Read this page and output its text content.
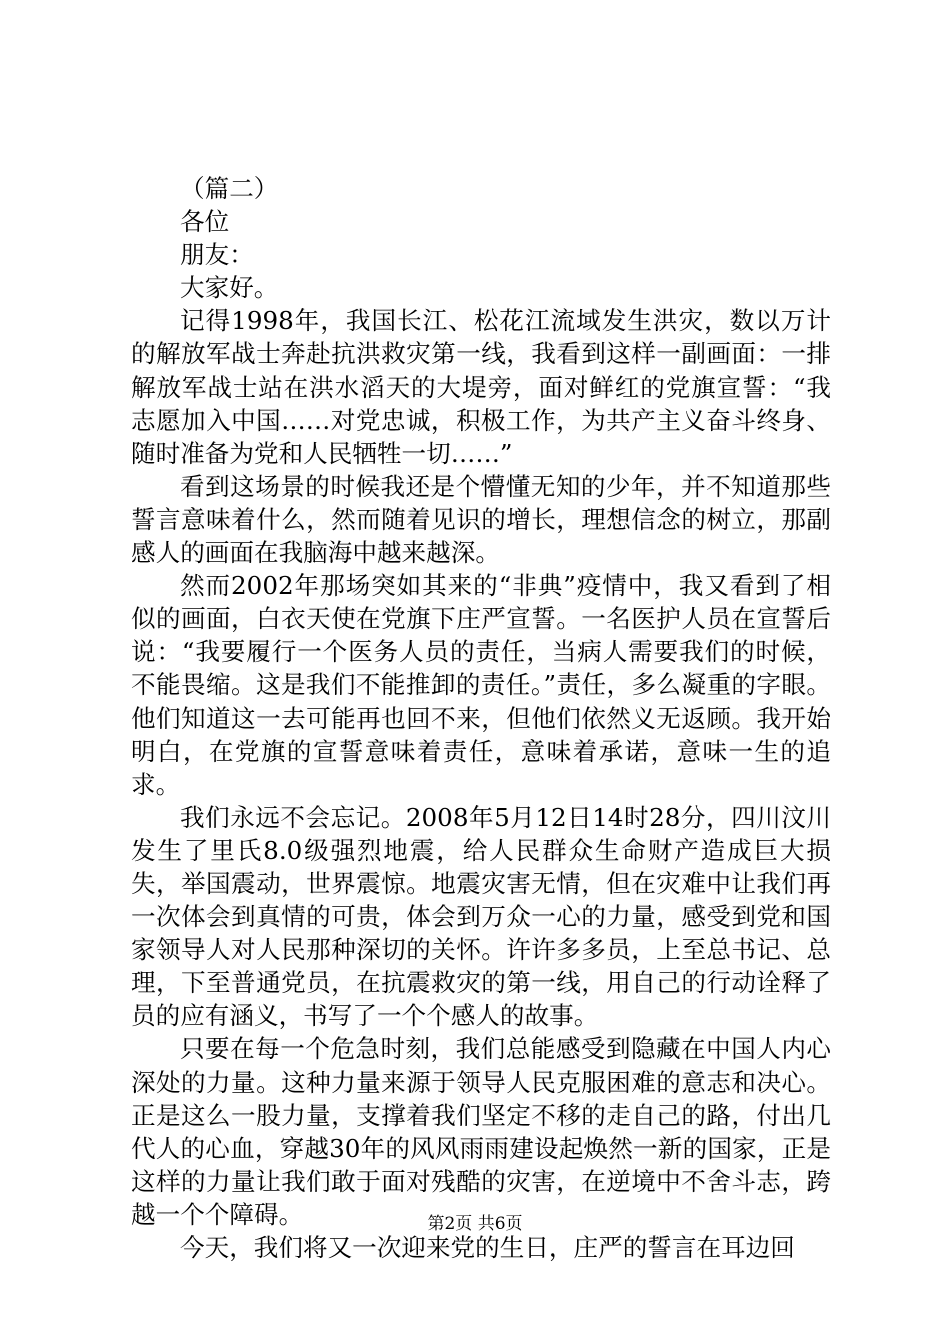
（篇二）

各位

朋友：

大家好。

记得1998年，我国长江、松花江流域发生洪灾，数以万计的解放军战士奔赴抗洪救灾第一线，我看到这样一副画面：一排解放军战士站在洪水滔天的大堤旁，面对鲜红的党旗宣誓：“我志愿加入中国……对党忠诚，积极工作，为共产主义奋斗终身、随时准备为党和人民牺牲一切……”

看到这场景的时候我还是个懵懂无知的少年，并不知道那些誓言意味着什么，然而随着见识的增长，理想信念的树立，那副感人的画面在我脑海中越来越深。

然而2002年那场突如其来的“非典”疫情中，我又看到了相似的画面，白衣天使在党旗下庄严宣誓。一名医护人员在宣誓后说：“我要履行一个医务人员的责任，当病人需要我们的时候，不能畏缩。这是我们不能推卸的责任。”责任，多么凝重的字眼。他们知道这一去可能再也回不来，但他们依然义无返顾。我开始明白，在党旗的宣誓意味着责任，意味着承诺，意味一生的追求。

我们永远不会忘记。2008年5月12日14时28分，四川汶川发生了里氏8.0级强烈地震，给人民群众生命财产造成巨大损失，举国震动，世界震惊。地震灾害无情，但在灾难中让我们再一次体会到真情的可贵，体会到万众一心的力量，感受到党和国家领导人对人民那种深切的关怀。许许多多员，上至总书记、总理，下至普通党员，在抗震救灾的第一线，用自己的行动诠释了员的应有涵义，书写了一个个感人的故事。

只要在每一个危急时刻，我们总能感受到隐藏在中国人内心深处的力量。这种力量来源于领导人民克服困难的意志和决心。正是这么一股力量，支撑着我们坚定不移的走自己的路，付出几代人的心血，穿越30年的风风雨雨建设起焕然一新的国家，正是这样的力量让我们敢于面对残酷的灾害，在逆境中不舍斗志，跨越一个个障碍。

今天，我们将又一次迎来党的生日，庄严的誓言在耳边回

第2页 共6页
